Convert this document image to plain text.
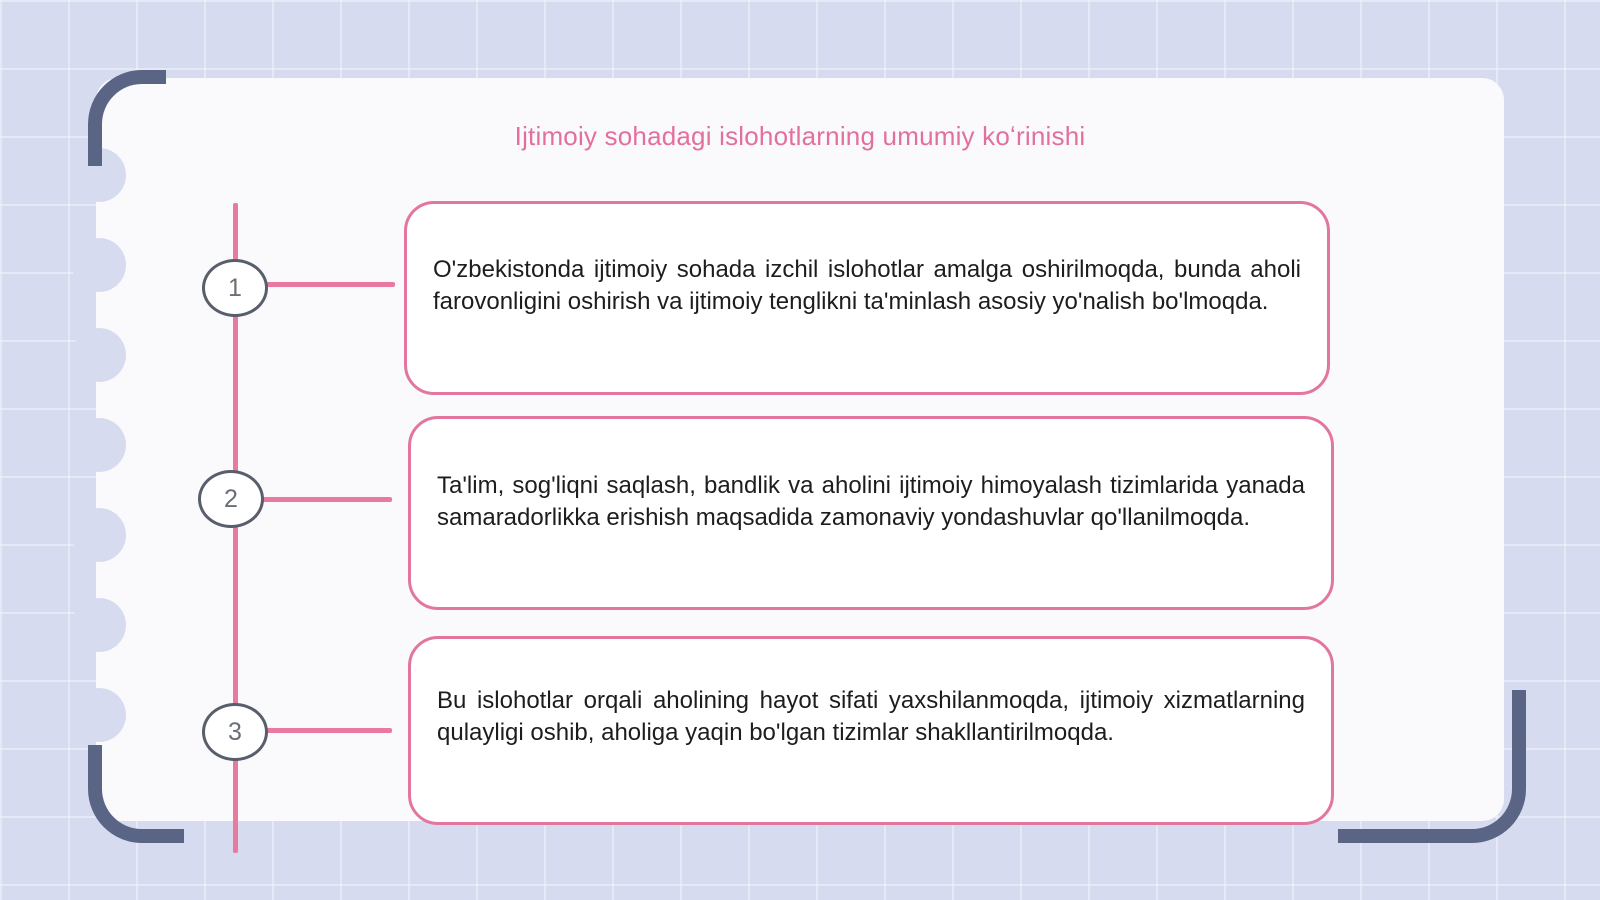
Ijtimoiy sohadagi islohotlarning umumiy koʻrinishi
1
2
3

O'zbekistonda ijtimoiy sohada izchil islohotlar amalga oshirilmoqda, bunda aholi farovonligini oshirish va ijtimoiy tenglikni ta'minlash asosiy yo'nalish bo'lmoqda.

Ta'lim, sog'liqni saqlash, bandlik va aholini ijtimoiy himoyalash tizimlarida yanada samaradorlikka erishish maqsadida zamonaviy yondashuvlar qo'llanilmoqda.

Bu islohotlar orqali aholining hayot sifati yaxshilanmoqda, ijtimoiy xizmatlarning qulayligi oshib, aholiga yaqin bo'lgan tizimlar shakllantirilmoqda.
